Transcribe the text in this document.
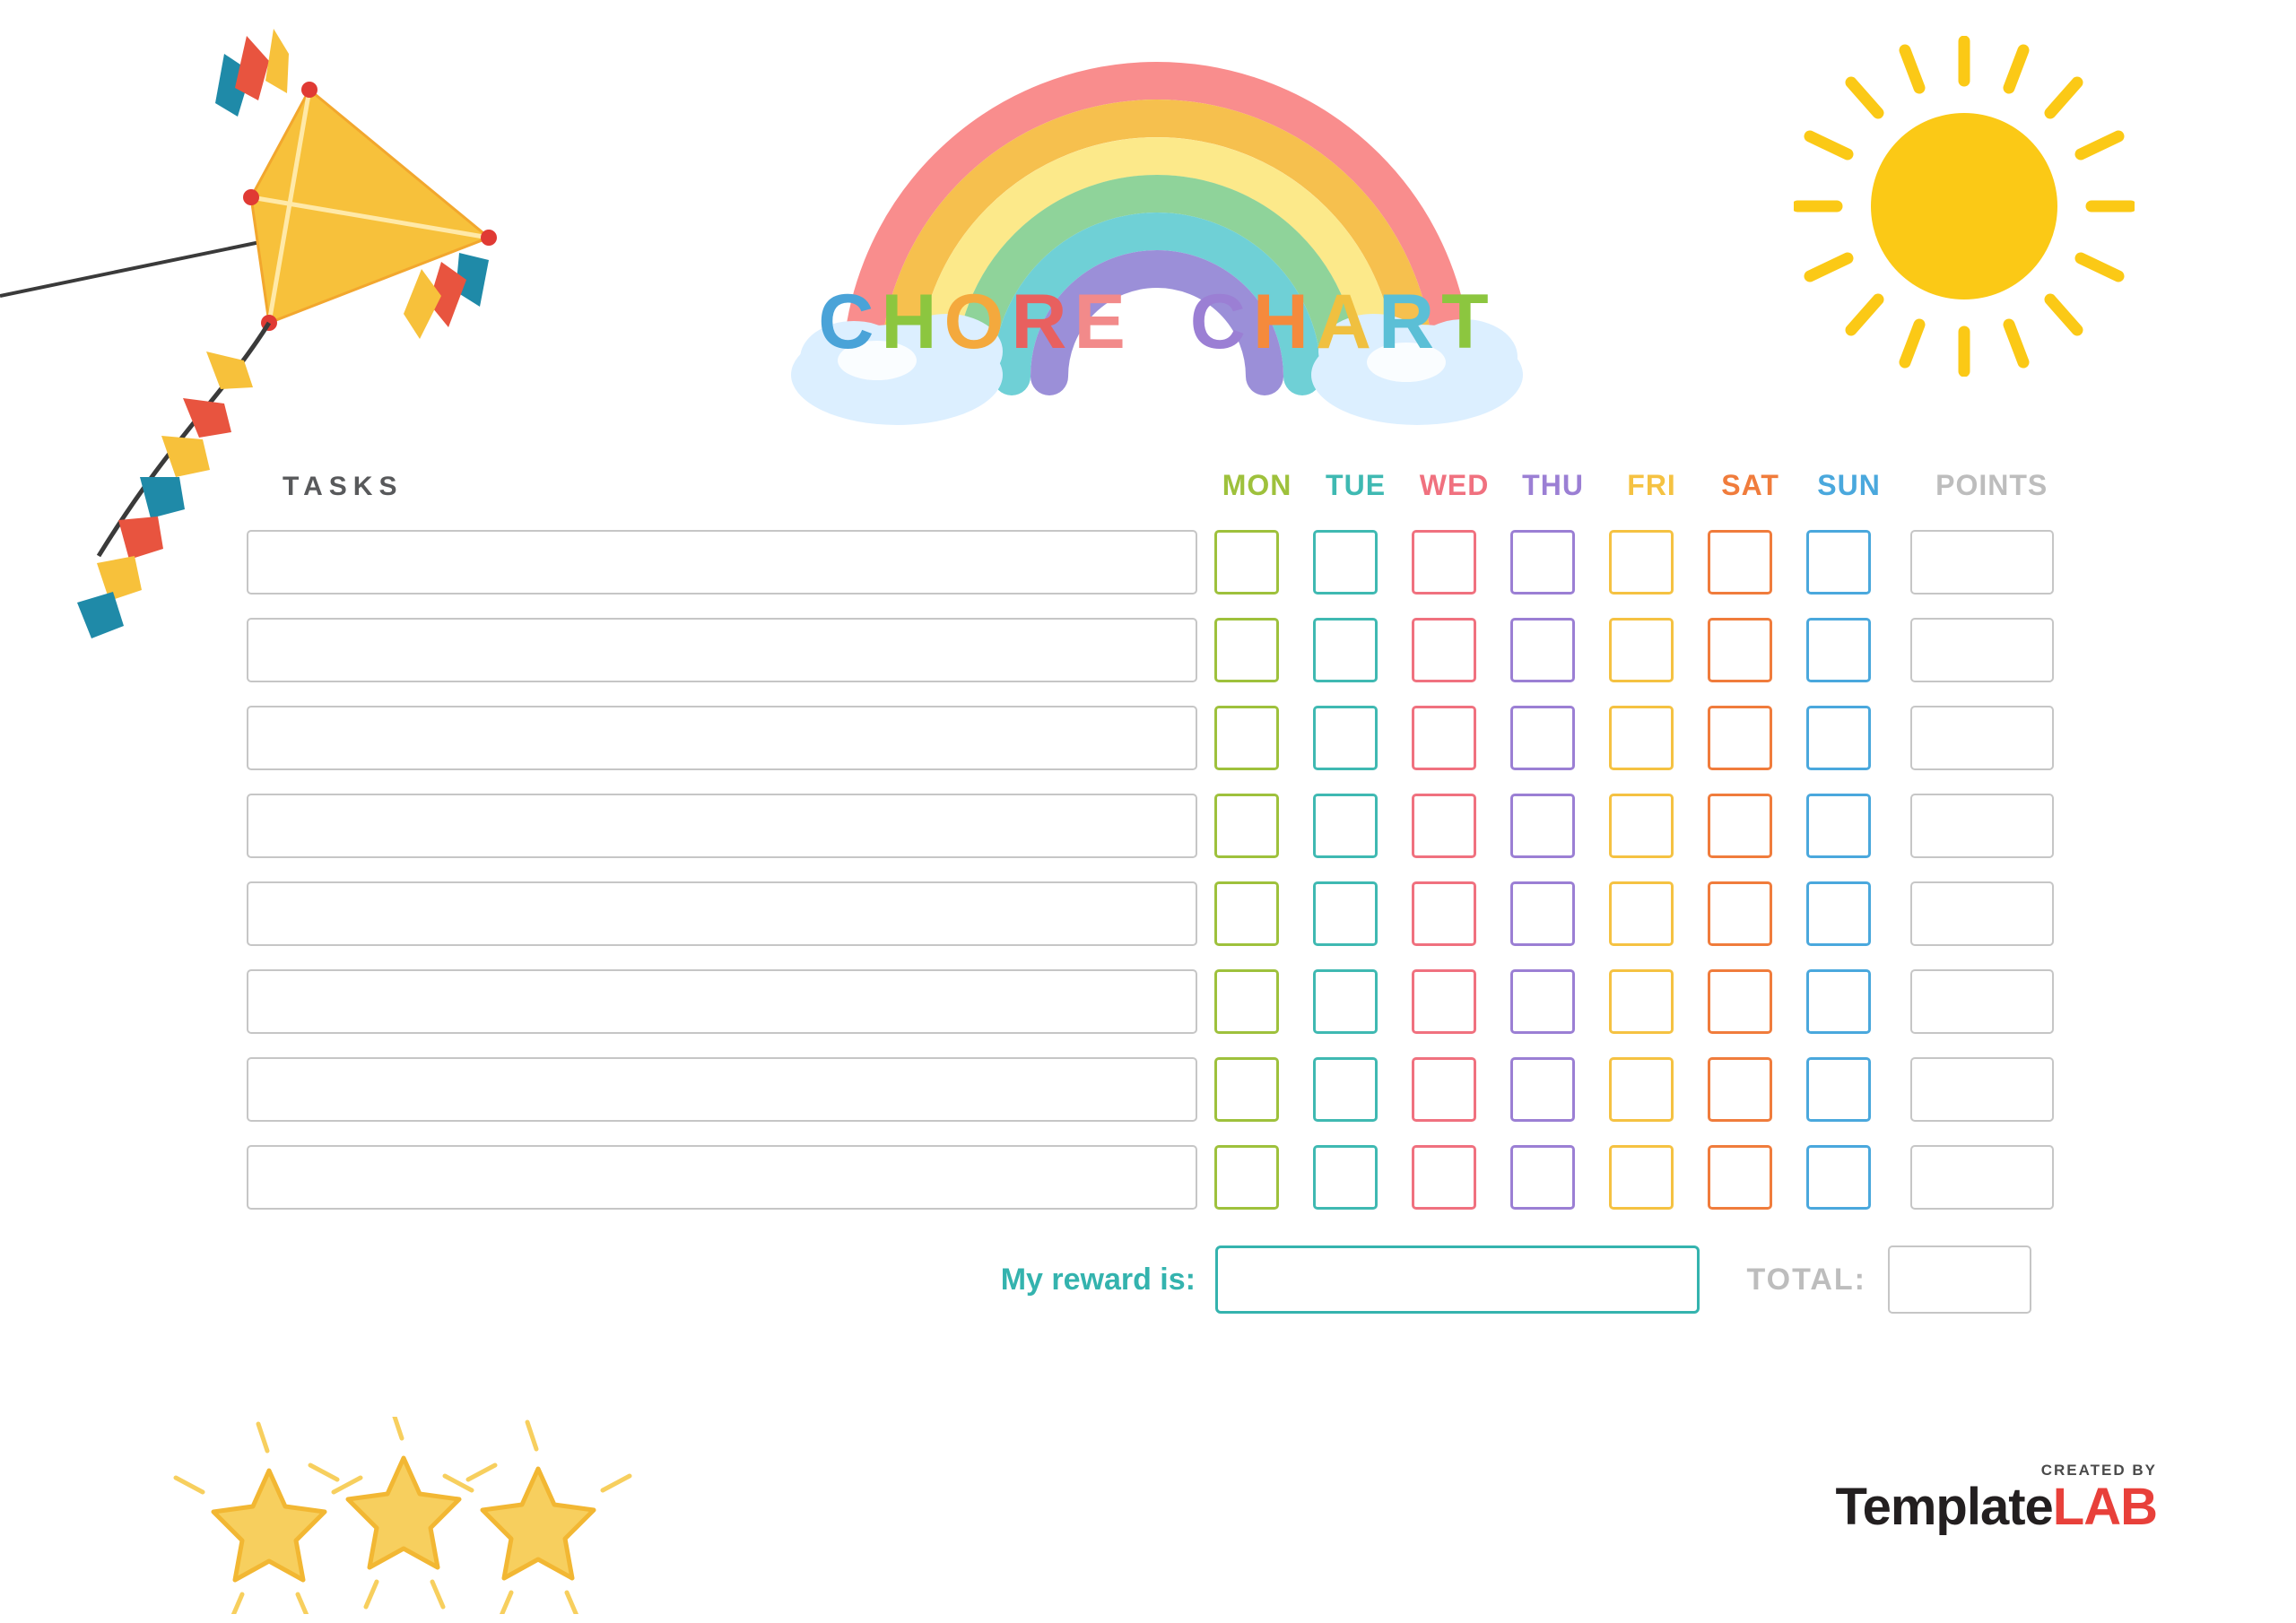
CHORE CHART
TASKS	MON	TUE	WED	THU	FRI	SAT	SUN	POINTS
My reward is:	TOTAL:
CREATED BY
TemplateLAB
